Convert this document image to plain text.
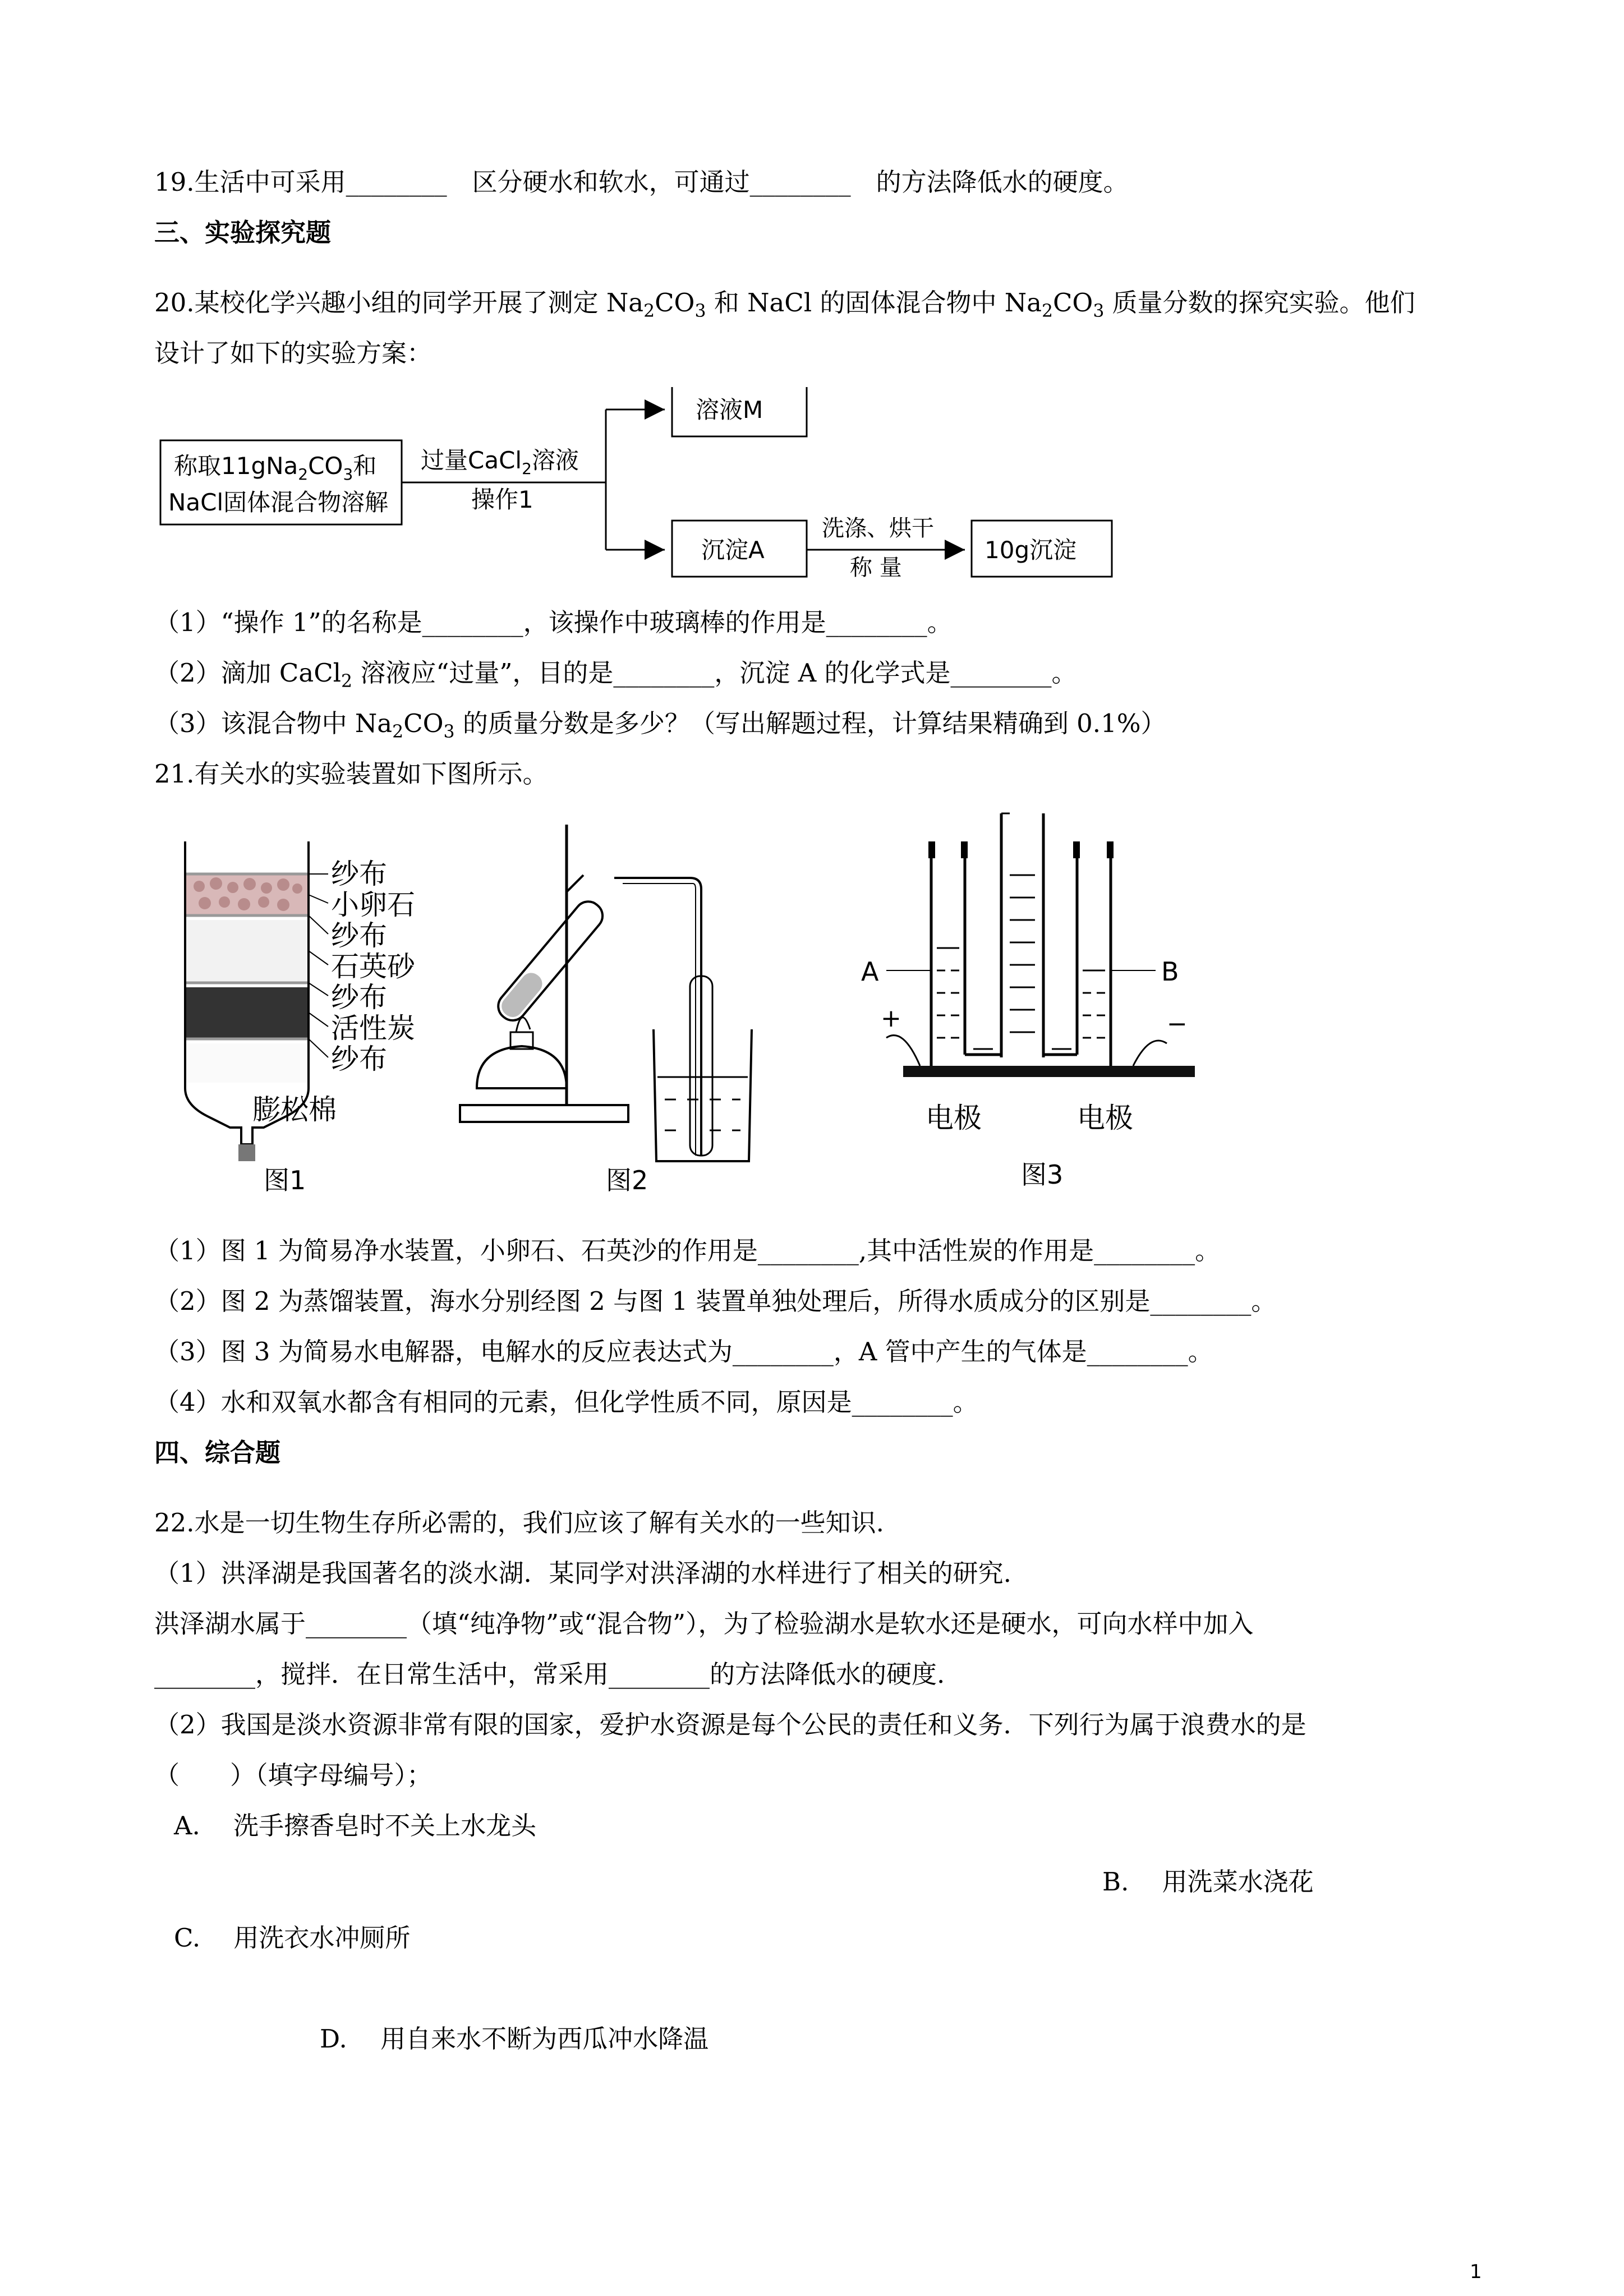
19.生活中可采用________　区分硬水和软水，可通过________　的方法降低水的硬度。
三、实验探究题
20.某校化学兴趣小组的同学开展了测定 $Na_2CO_3$ 和 NaCl 的固体混合物中 $Na_2CO_3$ 质量分数的探究实验。他们
设计了如下的实验方案：
称取$11gNa_2CO_3$和
NaCl固体混合物溶解
过量CaCl$_2$溶液
操作1
溶液M
沉淀A
洗涤、烘干
称 量
10g沉淀
（1）“操作 1”的名称是________，该操作中玻璃棒的作用是________。
（2）滴加 CaCl$_2$ 溶液应“过量”，目的是________，沉淀 A 的化学式是________。
（3）该混合物中 $Na_2CO_3$ 的质量分数是多少？（写出解题过程，计算结果精确到 0.1%）
21.有关水的实验装置如下图所示。
纱布
小卵石
纱布
石英砂
纱布
活性炭
纱布
膨松棉
图1	图2
A	B
+	−
电极	电极
图3
（1）图 1 为简易净水装置，小卵石、石英沙的作用是________,其中活性炭的作用是________。
（2）图 2 为蒸馏装置，海水分别经图 2 与图 1 装置单独处理后，所得水质成分的区别是________。
（3）图 3 为简易水电解器，电解水的反应表达式为________，A 管中产生的气体是________。
（4）水和双氧水都含有相同的元素，但化学性质不同，原因是________。
四、综合题
22.水是一切生物生存所必需的，我们应该了解有关水的一些知识.
（1）洪泽湖是我国著名的淡水湖．某同学对洪泽湖的水样进行了相关的研究.
洪泽湖水属于________（填“纯净物”或“混合物”），为了检验湖水是软水还是硬水，可向水样中加入
________，搅拌．在日常生活中，常采用________的方法降低水的硬度.
（2）我国是淡水资源非常有限的国家，爱护水资源是每个公民的责任和义务．下列行为属于浪费水的是
（　　）（填字母编号）；
A.　 洗手擦香皂时不关上水龙头
B.　 用洗菜水浇花
C.　 用洗衣水冲厕所
D.　 用自来水不断为西瓜冲水降温
1
